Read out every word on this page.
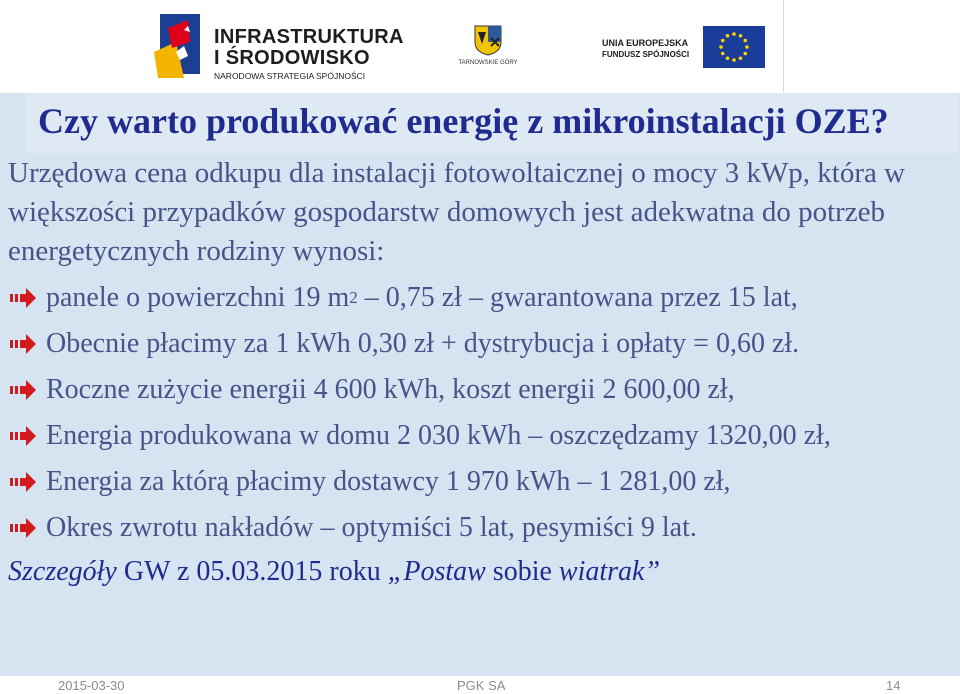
INFRASTRUKTURA
I ŚRODOWISKO
NARODOWA STRATEGIA SPÓJNOŚCI
TARNOWSKIE GÓRY
UNIA EUROPEJSKA
FUNDUSZ SPÓJNOŚCI
Czy warto produkować energię z mikroinstalacji OZE?
Urzędowa cena odkupu dla instalacji fotowoltaicznej o mocy 3 kWp, która w większości przypadków gospodarstw domowych jest adekwatna do potrzeb energetycznych rodziny wynosi:
panele o powierzchni 19 m 2 – 0,75 zł – gwarantowana przez 15 lat,
Obecnie płacimy za 1 kWh 0,30 zł + dystrybucja i opłaty = 0,60 zł.
Roczne zużycie energii 4 600 kWh, koszt energii 2 600,00 zł,
Energia produkowana w domu 2 030 kWh – oszczędzamy 1320,00 zł,
Energia za którą płacimy dostawcy 1 970 kWh – 1 281,00 zł,
Okres zwrotu nakładów – optymiści 5 lat, pesymiści 9 lat.
Szczegóły GW z 05.03.2015 roku „Postaw sobie wiatrak”
2015-03-30	PGK SA	14
